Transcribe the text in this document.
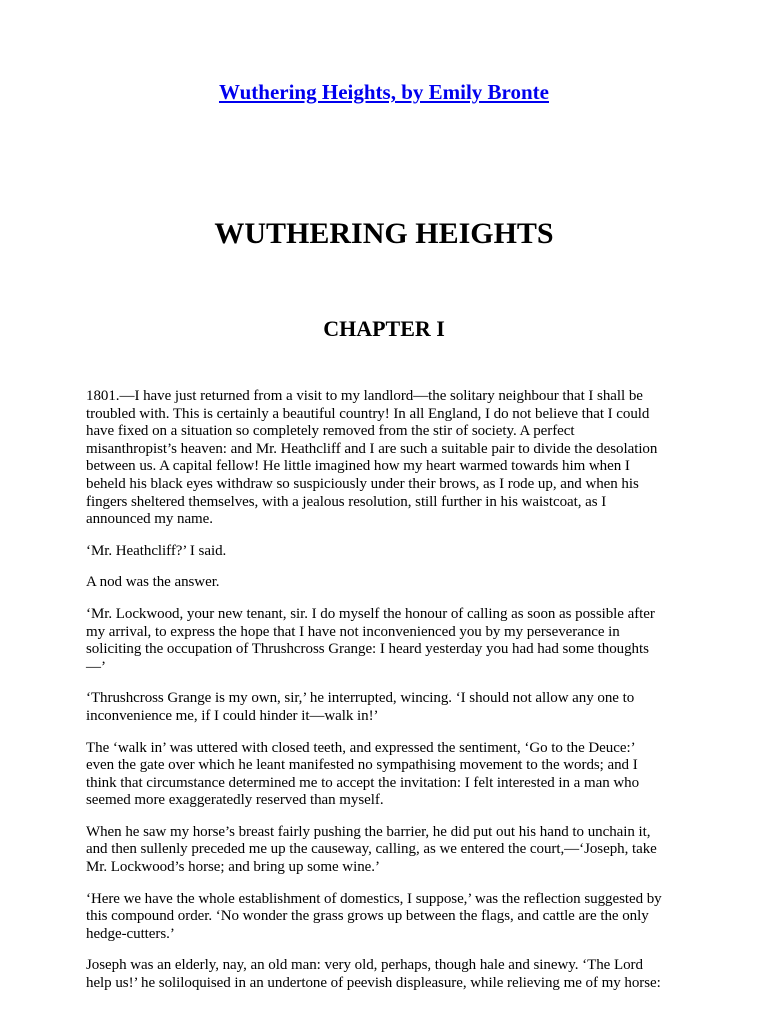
Wuthering Heights, by Emily Bronte
WUTHERING HEIGHTS
CHAPTER I

1801.—I have just returned from a visit to my landlord—the solitary neighbour that I shall be
troubled with. This is certainly a beautiful country! In all England, I do not believe that I could
have fixed on a situation so completely removed from the stir of society. A perfect
misanthropist’s heaven: and Mr. Heathcliff and I are such a suitable pair to divide the desolation
between us. A capital fellow! He little imagined how my heart warmed towards him when I
beheld his black eyes withdraw so suspiciously under their brows, as I rode up, and when his
fingers sheltered themselves, with a jealous resolution, still further in his waistcoat, as I
announced my name.

‘Mr. Heathcliff?’ I said.

A nod was the answer.

‘Mr. Lockwood, your new tenant, sir. I do myself the honour of calling as soon as possible after
my arrival, to express the hope that I have not inconvenienced you by my perseverance in
soliciting the occupation of Thrushcross Grange: I heard yesterday you had had some thoughts
—’

‘Thrushcross Grange is my own, sir,’ he interrupted, wincing. ‘I should not allow any one to
inconvenience me, if I could hinder it—walk in!’

The ‘walk in’ was uttered with closed teeth, and expressed the sentiment, ‘Go to the Deuce:’
even the gate over which he leant manifested no sympathising movement to the words; and I
think that circumstance determined me to accept the invitation: I felt interested in a man who
seemed more exaggeratedly reserved than myself.

When he saw my horse’s breast fairly pushing the barrier, he did put out his hand to unchain it,
and then sullenly preceded me up the causeway, calling, as we entered the court,—‘Joseph, take
Mr. Lockwood’s horse; and bring up some wine.’

‘Here we have the whole establishment of domestics, I suppose,’ was the reflection suggested by
this compound order. ‘No wonder the grass grows up between the flags, and cattle are the only
hedge-cutters.’

Joseph was an elderly, nay, an old man: very old, perhaps, though hale and sinewy. ‘The Lord
help us!’ he soliloquised in an undertone of peevish displeasure, while relieving me of my horse:
